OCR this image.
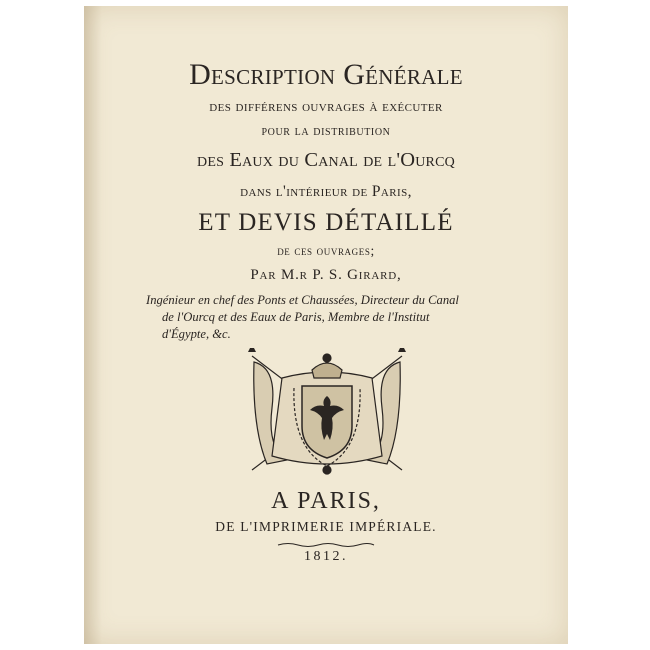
Description Générale
des différens ouvrages à exécuter
pour la distribution
des Eaux du Canal de l'Ourcq
dans l'intérieur de Paris,
ET DEVIS DÉTAILLÉ
de ces ouvrages;
Par M.r P. S. Girard,
Ingénieur en chef des Ponts et Chaussées, Directeur du Canal
de l'Ourcq et des Eaux de Paris, Membre de l'Institut
d'Égypte, &c.
A PARIS,
DE L'IMPRIMERIE IMPÉRIALE.
1812.
